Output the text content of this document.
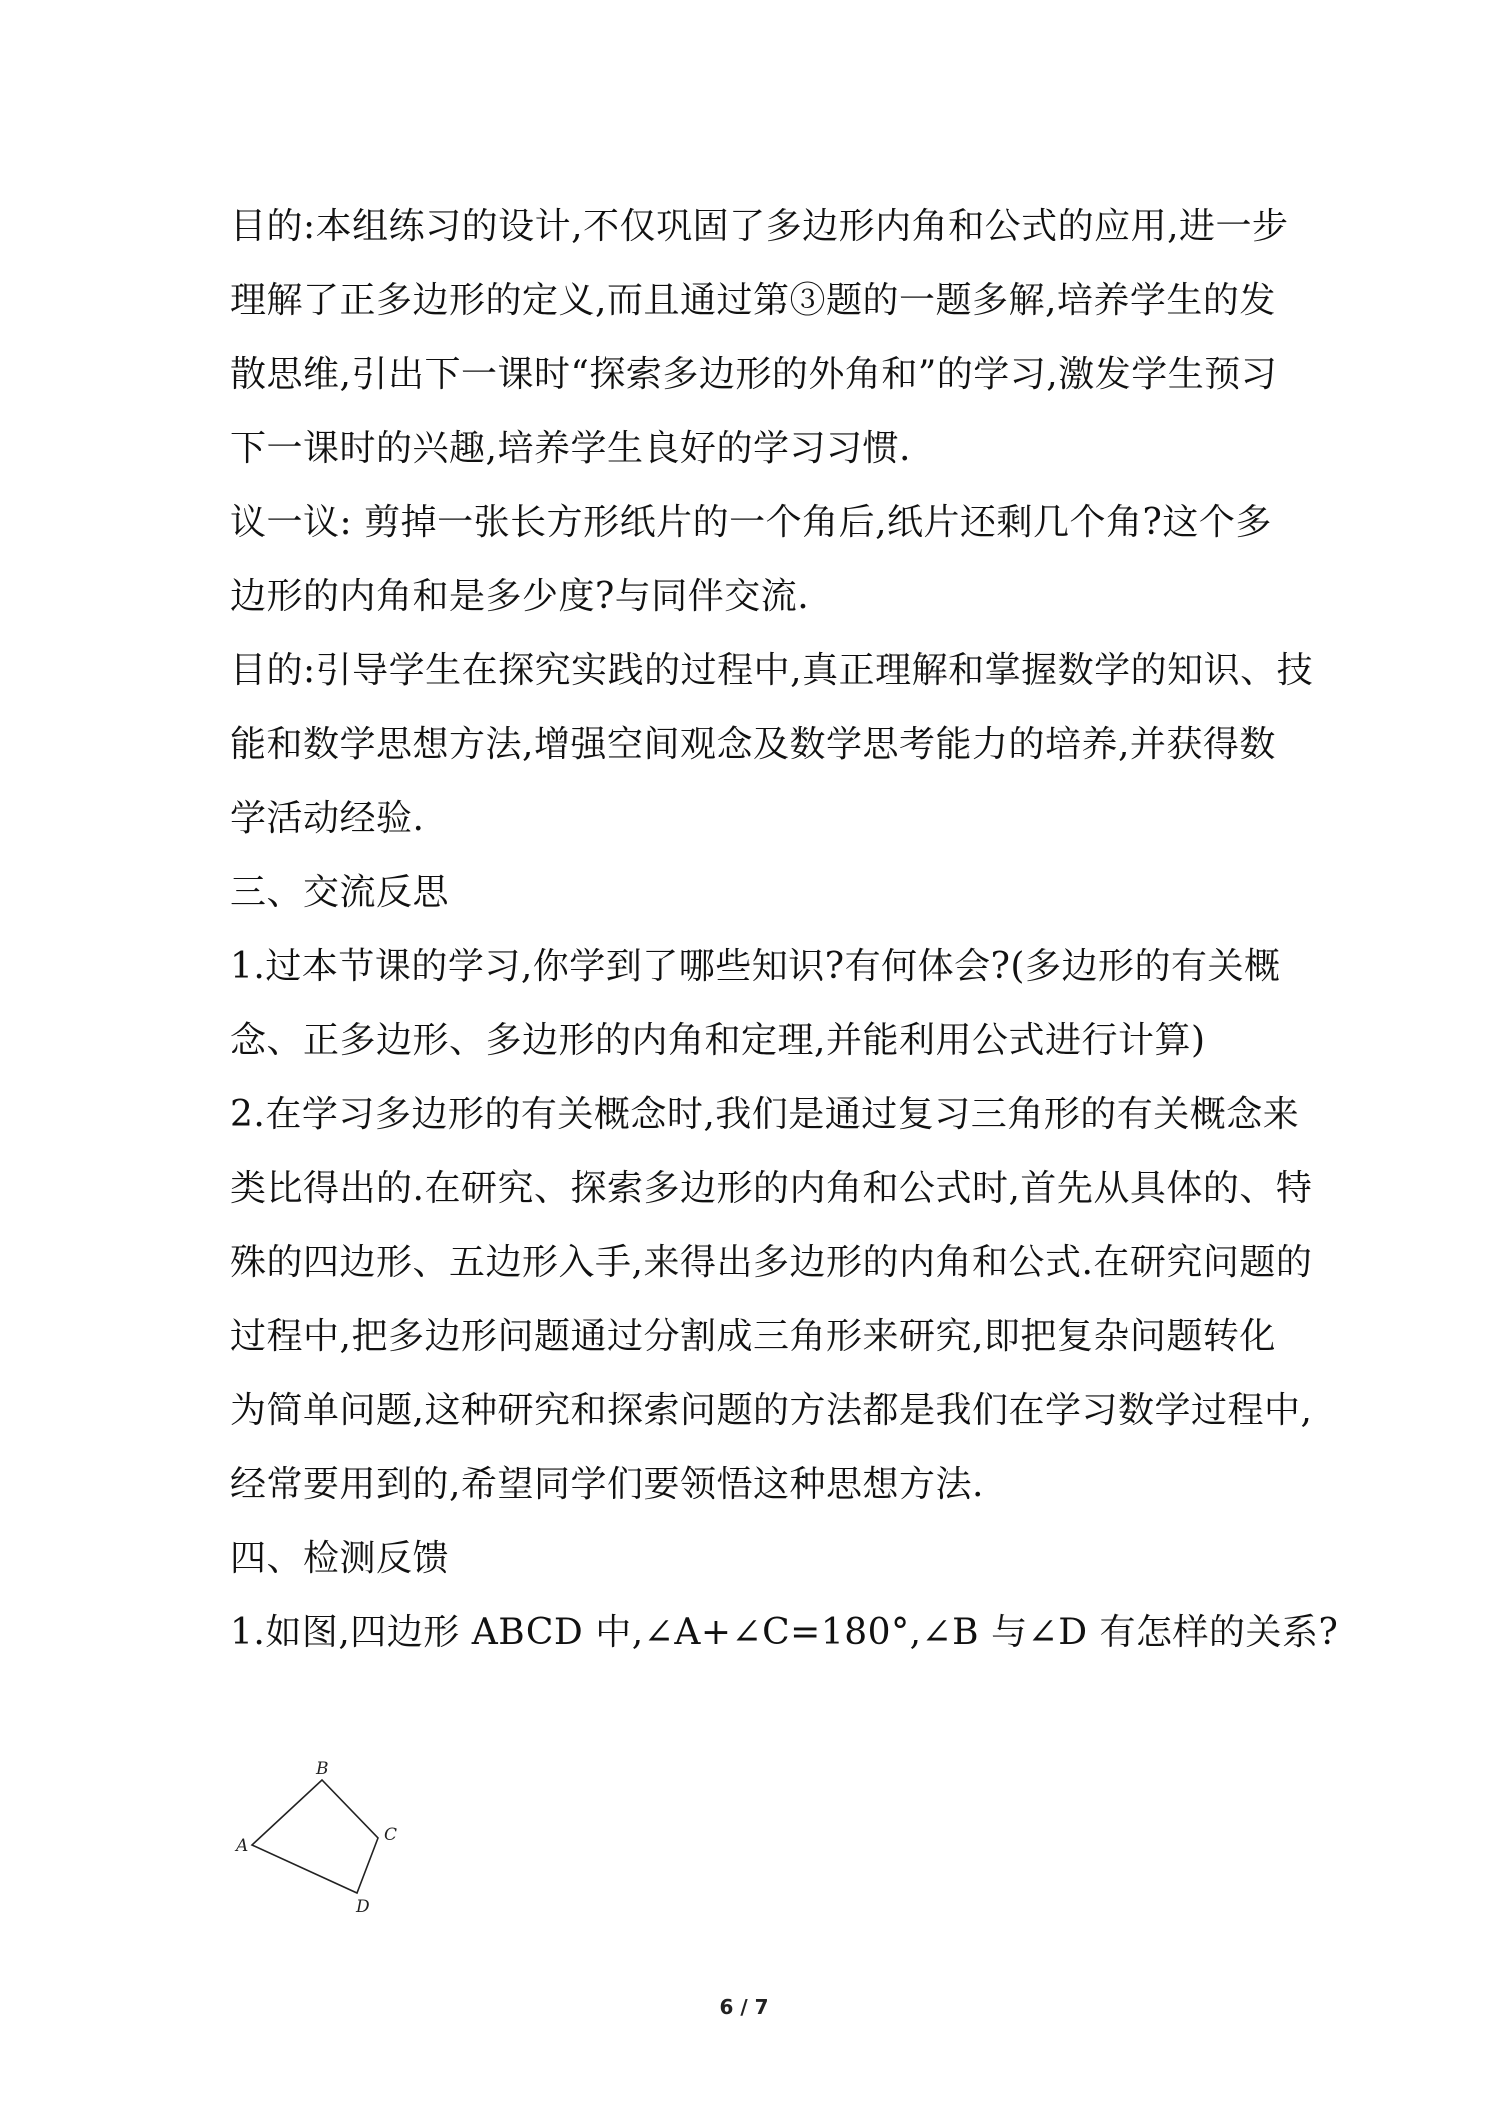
目的:本组练习的设计,不仅巩固了多边形内角和公式的应用,进一步
理解了正多边形的定义,而且通过第③题的一题多解,培养学生的发
散思维,引出下一课时“探索多边形的外角和”的学习,激发学生预习
下一课时的兴趣,培养学生良好的学习习惯.
议一议: 剪掉一张长方形纸片的一个角后,纸片还剩几个角?这个多
边形的内角和是多少度?与同伴交流.
目的:引导学生在探究实践的过程中,真正理解和掌握数学的知识、技
能和数学思想方法,增强空间观念及数学思考能力的培养,并获得数
学活动经验.
三、交流反思
1.过本节课的学习,你学到了哪些知识?有何体会?(多边形的有关概
念、正多边形、多边形的内角和定理,并能利用公式进行计算)
2.在学习多边形的有关概念时,我们是通过复习三角形的有关概念来
类比得出的.在研究、探索多边形的内角和公式时,首先从具体的、特
殊的四边形、五边形入手,来得出多边形的内角和公式.在研究问题的
过程中,把多边形问题通过分割成三角形来研究,即把复杂问题转化
为简单问题,这种研究和探索问题的方法都是我们在学习数学过程中,
经常要用到的,希望同学们要领悟这种思想方法.
四、检测反馈
1.如图,四边形 ABCD 中,∠A+∠C=180°,∠B 与∠D 有怎样的关系?
A
B
C
D
6 / 7
